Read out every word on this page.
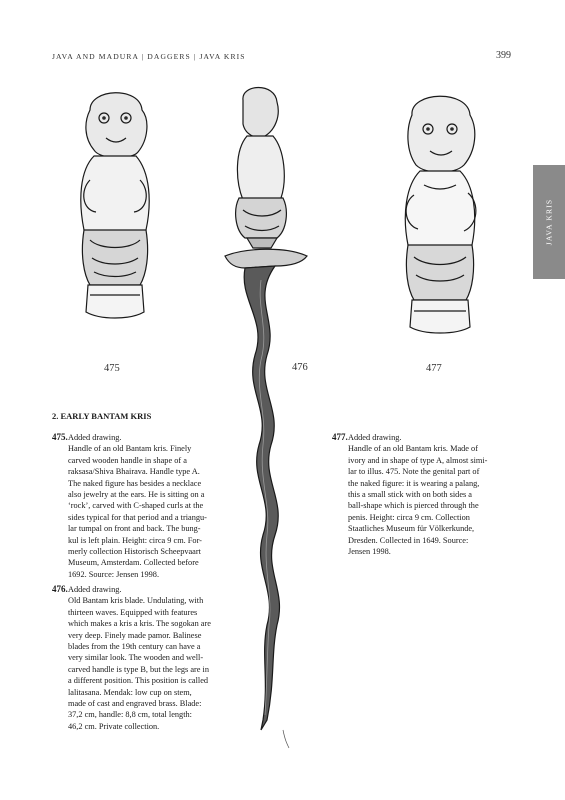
JAVA AND MADURA | DAGGERS | JAVA KRIS	399
JAVA KRIS
475	477
476
2. EARLY BANTAM KRIS
475. Added drawing.

Handle of an old Bantam kris. Finely

carved wooden handle in shape of a

raksasa/Shiva Bhairava. Handle type A.

The naked figure has besides a necklace

also jewelry at the ears. He is sitting on a

‘rock’, carved with C-shaped curls at the

sides typical for that period and a triangu-

lar tumpal on front and back. The bung-

kul is left plain. Height: circa 9 cm. For-

merly collection Historisch Scheepvaart

Museum, Amsterdam. Collected before

1692. Source: Jensen 1998.

476. Added drawing.

Old Bantam kris blade. Undulating, with

thirteen waves. Equipped with features

which makes a kris a kris. The sogokan are

very deep. Finely made pamor. Balinese

blades from the 19th century can have a

very similar look. The wooden and well-

carved handle is type B, but the legs are in

a different position. This position is called

lalitasana. Mendak: low cup on stem,

made of cast and engraved brass. Blade:

37,2 cm, handle: 8,8 cm, total length:

46,2 cm. Private collection.

477. Added drawing.

Handle of an old Bantam kris. Made of

ivory and in shape of type A, almost simi-

lar to illus. 475. Note the genital part of

the naked figure: it is wearing a palang,

this a small stick with on both sides a

ball-shape which is pierced through the

penis. Height: circa 9 cm. Collection

Staatliches Museum für Völkerkunde,

Dresden. Collected in 1649. Source:

Jensen 1998.
